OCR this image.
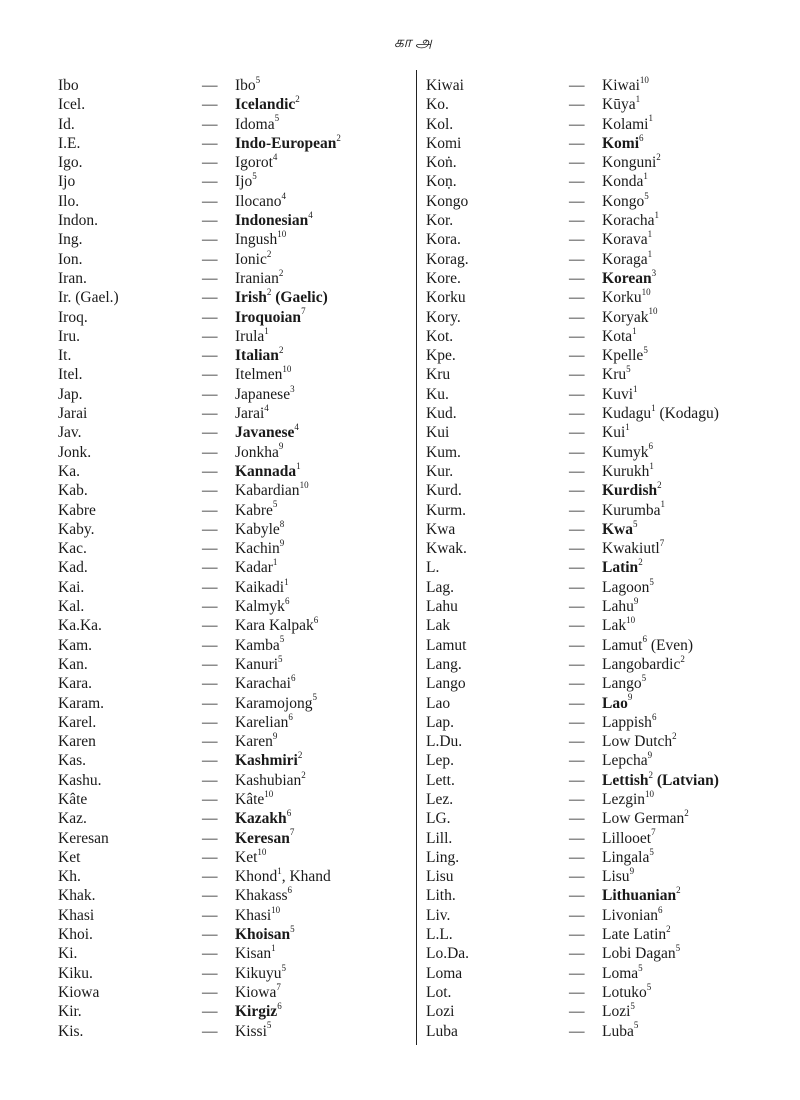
கா அ
Ibo	— Ibo$^5$
Icel.	— Icelandic$^2$
Id.	— Idoma$^5$
I.E.	— Indo-European$^2$
Igo.	— Igorot$^4$
Ijo	— Ijo$^5$
Ilo.	— Ilocano$^4$
Indon.	— Indonesian$^4$
Ing.	— Ingush$^{10}$
Ion.	— Ionic$^2$
Iran.	— Iranian$^2$
Ir. (Gael.)	— Irish$^2$ (Gaelic)
Iroq.	— Iroquoian$^7$
Iru.	— Irula$^1$
It.	— Italian$^2$
Itel.	— Itelmen$^{10}$
Jap.	— Japanese$^3$
Jarai	— Jarai$^4$
Jav.	— Javanese$^4$
Jonk.	— Jonkha$^9$
Ka.	— Kannada$^1$
Kab.	— Kabardian$^{10}$
Kabre	— Kabre$^5$
Kaby.	— Kabyle$^8$
Kac.	— Kachin$^9$
Kad.	— Kadar$^1$
Kai.	— Kaikadi$^1$
Kal.	— Kalmyk$^6$
Ka.Ka.	— Kara Kalpak$^6$
Kam.	— Kamba$^5$
Kan.	— Kanuri$^5$
Kara.	— Karachai$^6$
Karam.	— Karamojong$^5$
Karel.	— Karelian$^6$
Karen	— Karen$^9$
Kas.	— Kashmiri$^2$
Kashu.	— Kashubian$^2$
Kâte	— Kâte$^{10}$
Kaz.	— Kazakh$^6$
Keresan	— Keresan$^7$
Ket	— Ket$^{10}$
Kh.	— Khond$^1$, Khand
Khak.	— Khakass$^6$
Khasi	— Khasi$^{10}$
Khoi.	— Khoisan$^5$
Ki.	— Kisan$^1$
Kiku.	— Kikuyu$^5$
Kiowa	— Kiowa$^7$
Kir.	— Kirgiz$^6$
Kis.	— Kissi$^5$
Kiwai	— Kiwai$^{10}$
Ko.	— Kūya$^1$
Kol.	— Kolami$^1$
Komi	— Komi$^6$
Koṅ.	— Konguni$^2$
Koṇ.	— Konda$^1$
Kongo	— Kongo$^5$
Kor.	— Koracha$^1$
Kora.	— Korava$^1$
Korag.	— Koraga$^1$
Kore.	— Korean$^3$
Korku	— Korku$^{10}$
Kory.	— Koryak$^{10}$
Kot.	— Kota$^1$
Kpe.	— Kpelle$^5$
Kru	— Kru$^5$
Ku.	— Kuvi$^1$
Kud.	— Kudagu$^1$ (Kodagu)
Kui	— Kui$^1$
Kum.	— Kumyk$^6$
Kur.	— Kurukh$^1$
Kurd.	— Kurdish$^2$
Kurm.	— Kurumba$^1$
Kwa	— Kwa$^5$
Kwak.	— Kwakiutl$^7$
L.	— Latin$^2$
Lag.	— Lagoon$^5$
Lahu	— Lahu$^9$
Lak	— Lak$^{10}$
Lamut	— Lamut$^6$ (Even)
Lang.	— Langobardic$^2$
Lango	— Lango$^5$
Lao	— Lao$^9$
Lap.	— Lappish$^6$
L.Du.	— Low Dutch$^2$
Lep.	— Lepcha$^9$
Lett.	— Lettish$^2$ (Latvian)
Lez.	— Lezgin$^{10}$
LG.	— Low German$^2$
Lill.	— Lillooet$^7$
Ling.	— Lingala$^5$
Lisu	— Lisu$^9$
Lith.	— Lithuanian$^2$
Liv.	— Livonian$^6$
L.L.	— Late Latin$^2$
Lo.Da.	— Lobi Dagan$^5$
Loma	— Loma$^5$
Lot.	— Lotuko$^5$
Lozi	— Lozi$^5$
Luba	— Luba$^5$
